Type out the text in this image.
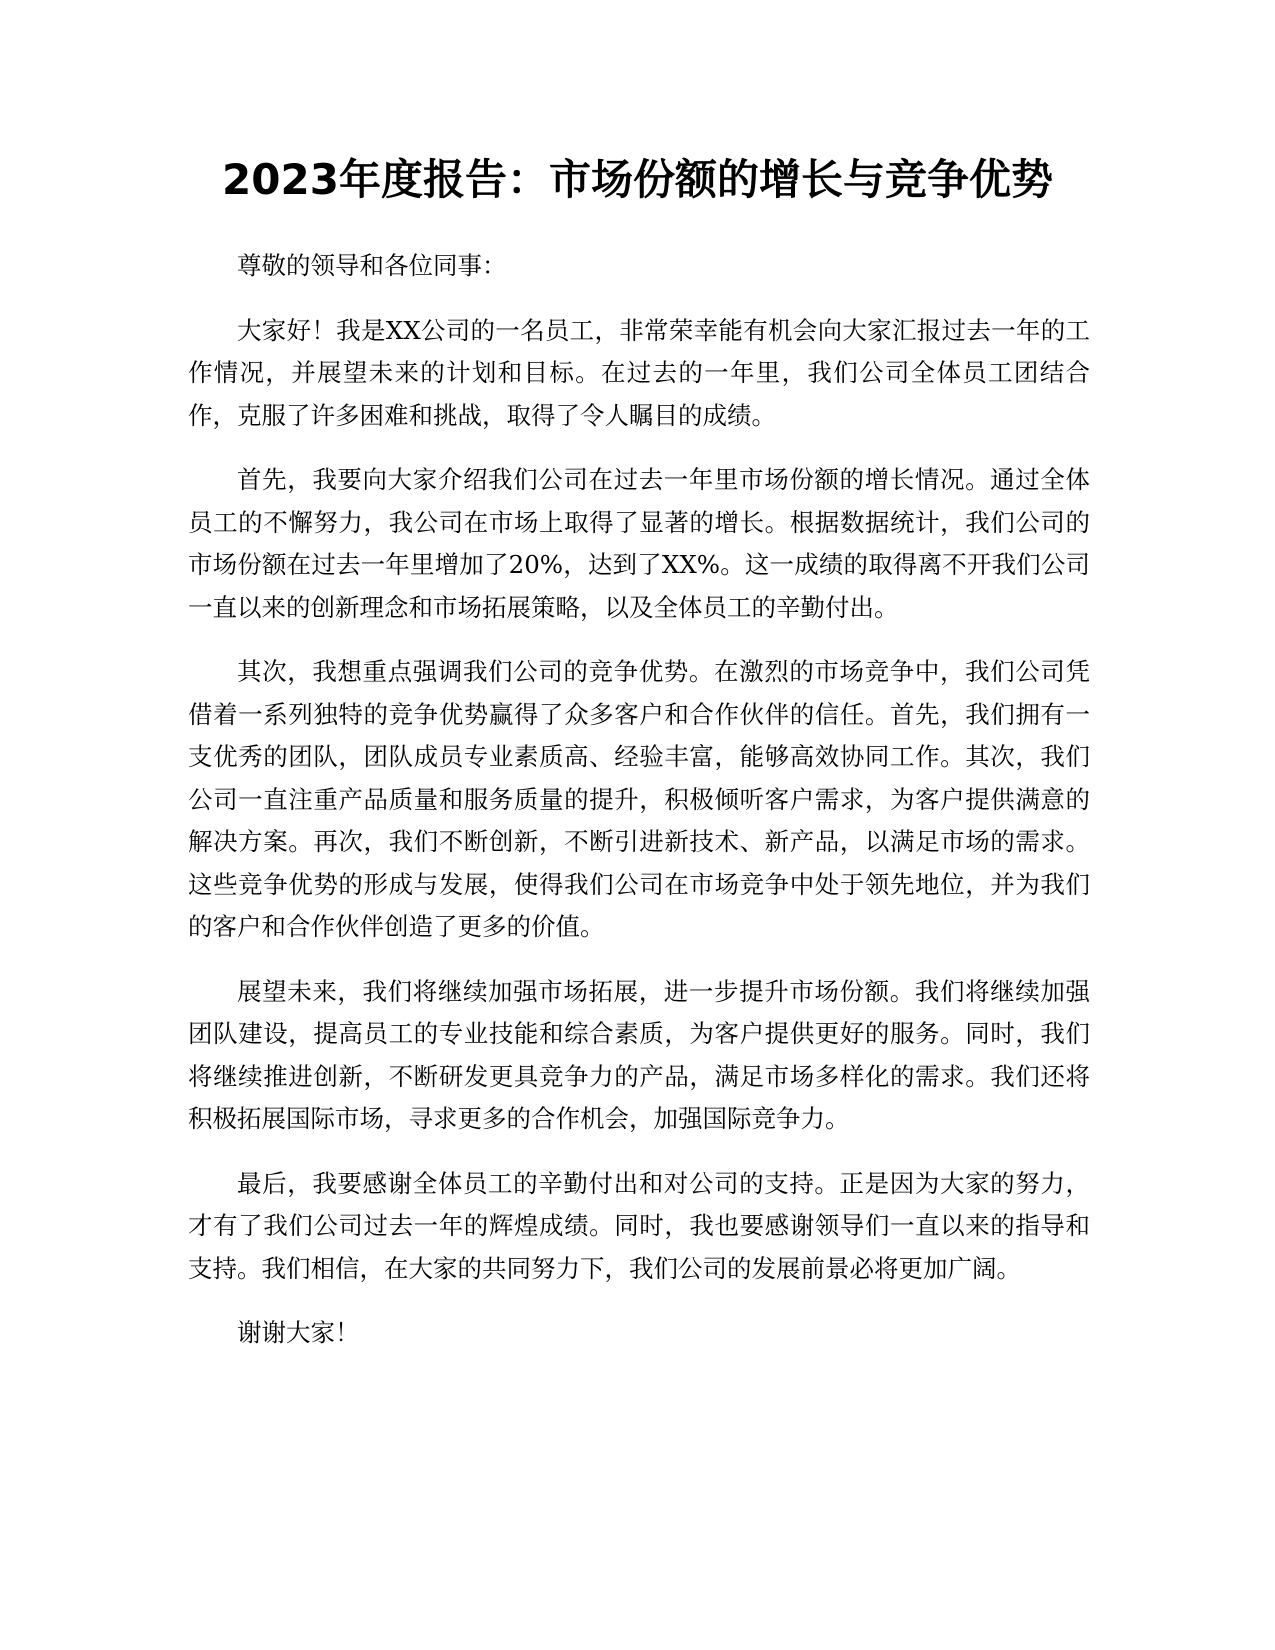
2023年度报告：市场份额的增长与竞争优势

尊敬的领导和各位同事：

大家好！我是XX公司的一名员工，非常荣幸能有机会向大家汇报过去一年的工作情况，并展望未来的计划和目标。在过去的一年里，我们公司全体员工团结合作，克服了许多困难和挑战，取得了令人瞩目的成绩。

首先，我要向大家介绍我们公司在过去一年里市场份额的增长情况。通过全体员工的不懈努力，我公司在市场上取得了显著的增长。根据数据统计，我们公司的市场份额在过去一年里增加了20%，达到了XX%。这一成绩的取得离不开我们公司一直以来的创新理念和市场拓展策略，以及全体员工的辛勤付出。

其次，我想重点强调我们公司的竞争优势。在激烈的市场竞争中，我们公司凭借着一系列独特的竞争优势赢得了众多客户和合作伙伴的信任。首先，我们拥有一支优秀的团队，团队成员专业素质高、经验丰富，能够高效协同工作。其次，我们公司一直注重产品质量和服务质量的提升，积极倾听客户需求，为客户提供满意的解决方案。再次，我们不断创新，不断引进新技术、新产品，以满足市场的需求。这些竞争优势的形成与发展，使得我们公司在市场竞争中处于领先地位，并为我们的客户和合作伙伴创造了更多的价值。

展望未来，我们将继续加强市场拓展，进一步提升市场份额。我们将继续加强团队建设，提高员工的专业技能和综合素质，为客户提供更好的服务。同时，我们将继续推进创新，不断研发更具竞争力的产品，满足市场多样化的需求。我们还将积极拓展国际市场，寻求更多的合作机会，加强国际竞争力。

最后，我要感谢全体员工的辛勤付出和对公司的支持。正是因为大家的努力，才有了我们公司过去一年的辉煌成绩。同时，我也要感谢领导们一直以来的指导和支持。我们相信，在大家的共同努力下，我们公司的发展前景必将更加广阔。

谢谢大家！
